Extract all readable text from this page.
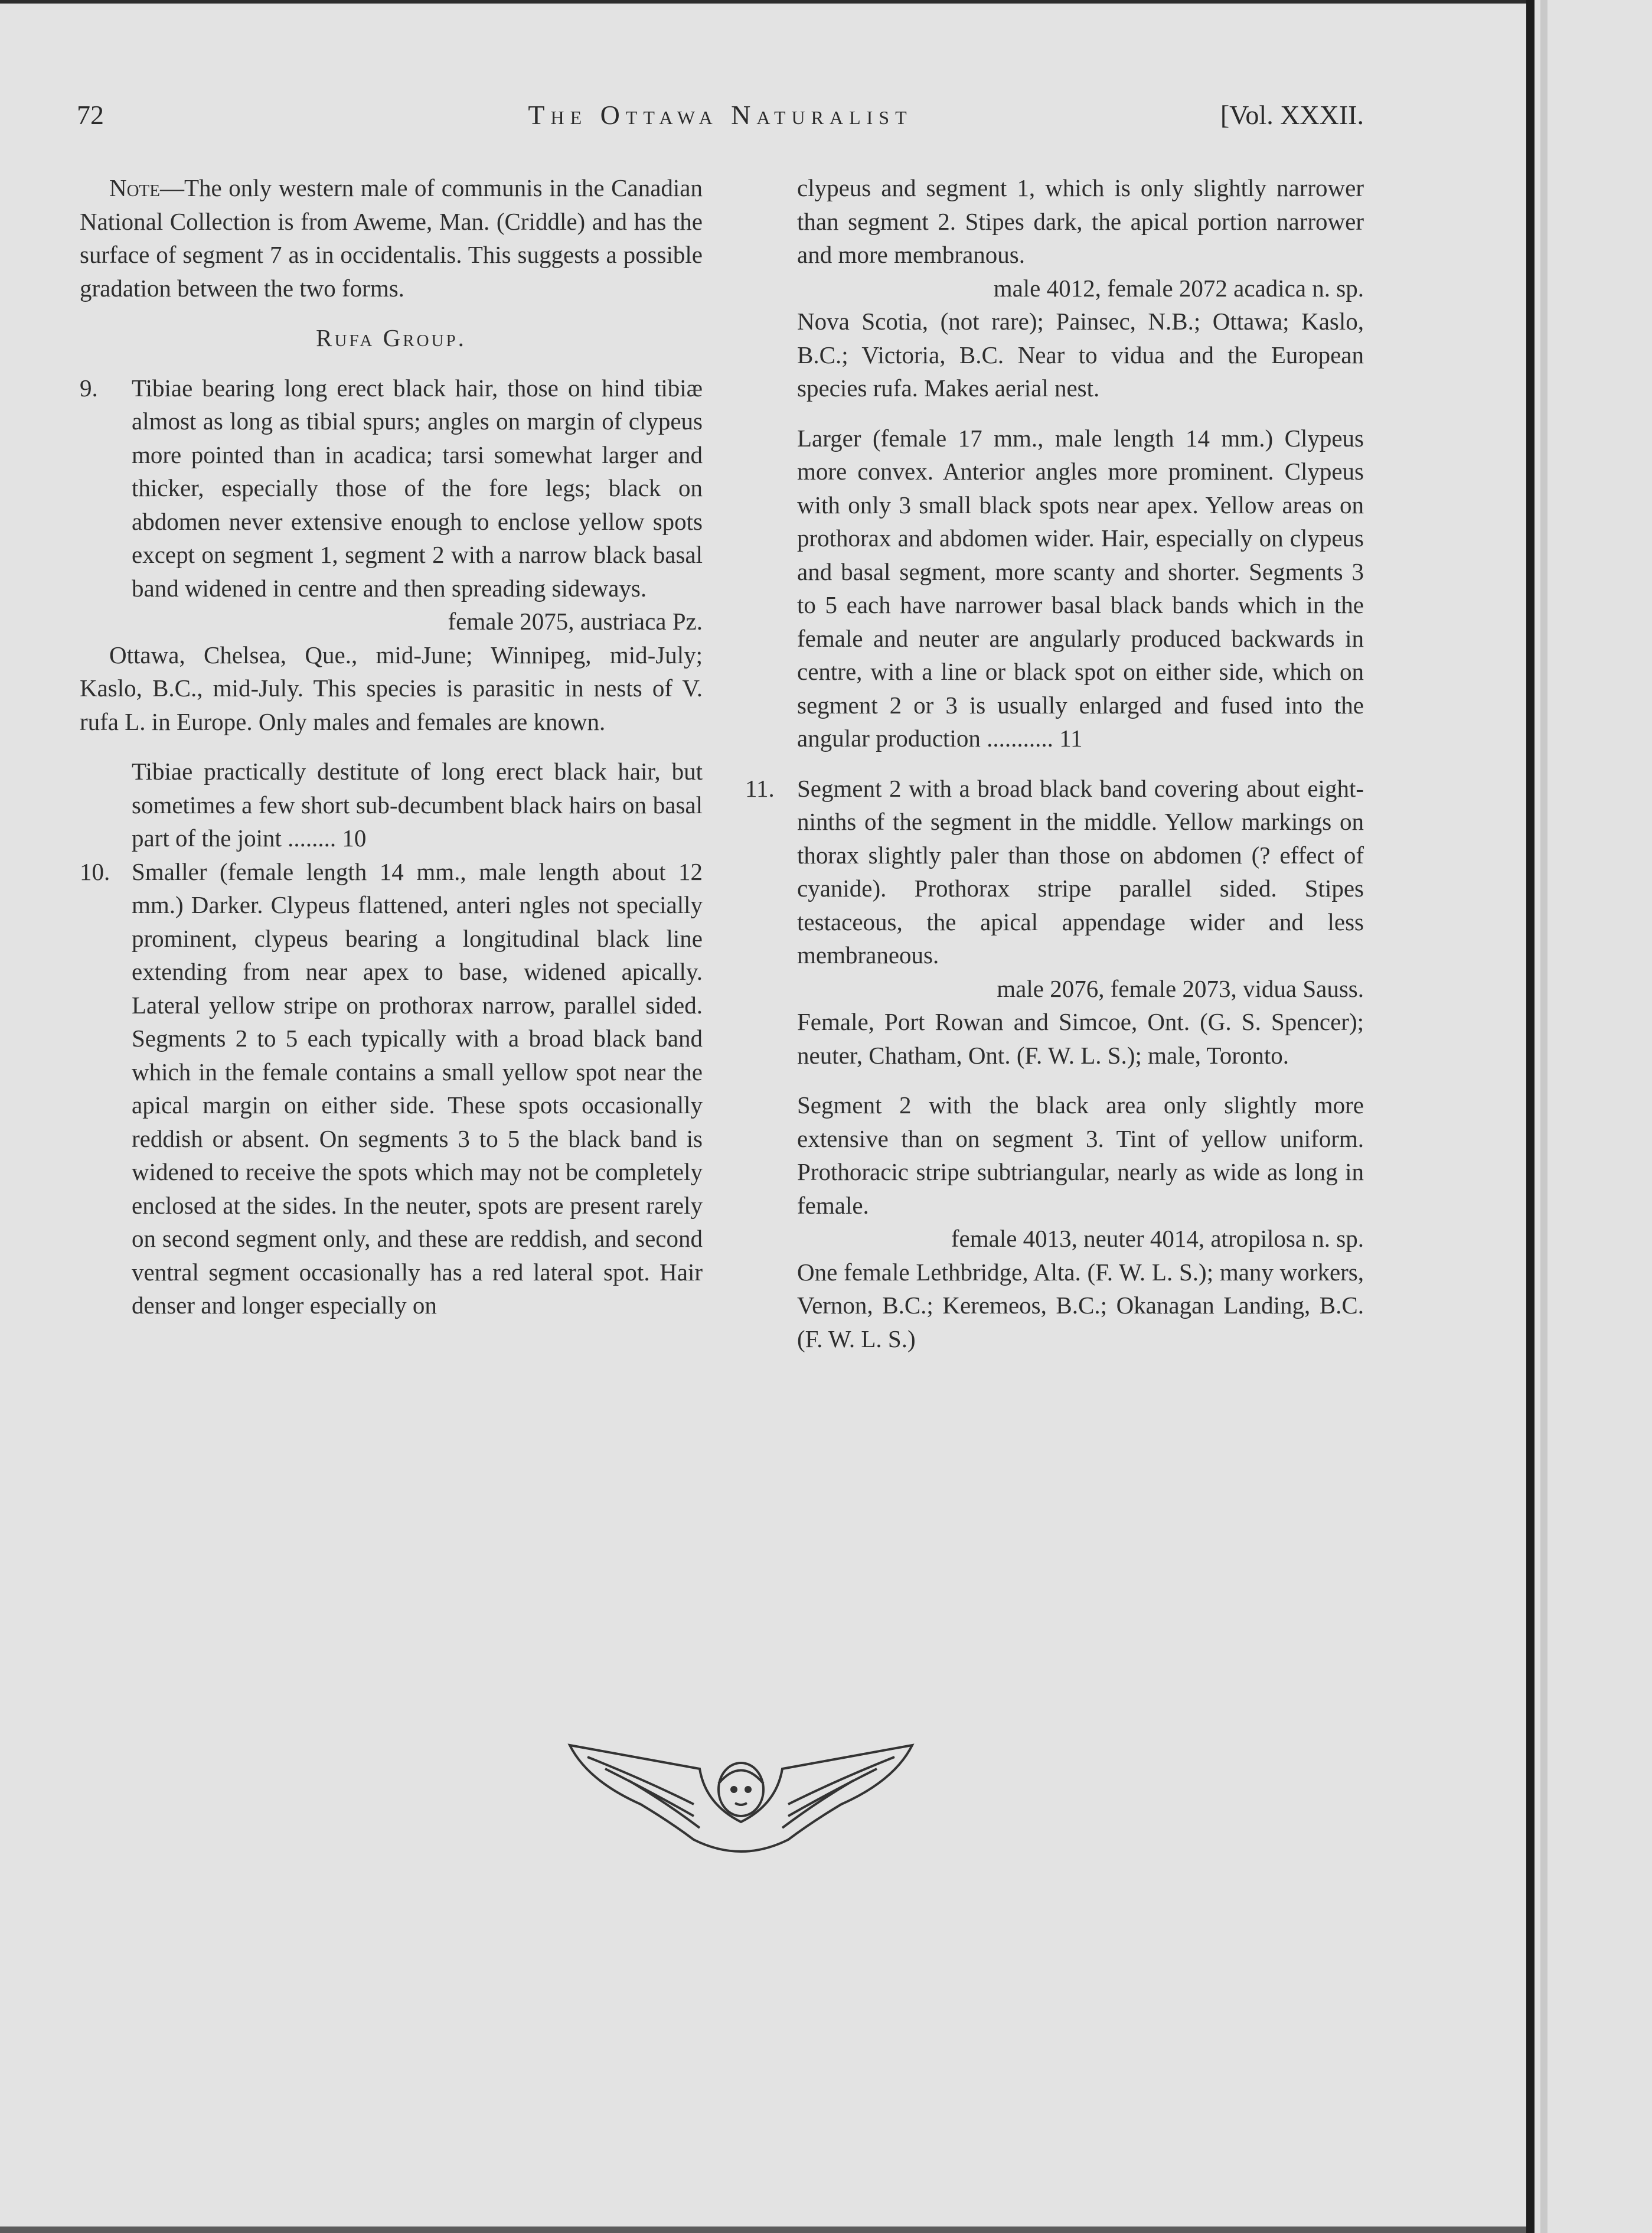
72	The Ottawa Naturalist	[Vol. XXXII.

Note—The only western male of communis in the Canadian National Collection is from Aweme, Man. (Criddle) and has the surface of segment 7 as in occidentalis. This suggests a possible gradation between the two forms.

Rufa Group.

9. Tibiae bearing long erect black hair, those on hind tibiæ almost as long as tibial spurs; angles on margin of clypeus more pointed than in acadica; tarsi somewhat larger and thicker, especially those of the fore legs; black on abdomen never extensive enough to enclose yellow spots except on segment 1, segment 2 with a narrow black basal band widened in centre and then spreading sideways.

female 2075, austriaca Pz.

Ottawa, Chelsea, Que., mid-June; Winnipeg, mid-July; Kaslo, B.C., mid-July. This species is parasitic in nests of V. rufa L. in Europe. Only males and females are known.

Tibiae practically destitute of long erect black hair, but sometimes a few short sub-decumbent black hairs on basal part of the joint ........ 10
10. Smaller (female length 14 mm., male length about 12 mm.) Darker. Clypeus flattened, anteri ngles not specially prominent, clypeus bearing a longitudinal black line extending from near apex to base, widened apically. Lateral yellow stripe on prothorax narrow, parallel sided. Segments 2 to 5 each typically with a broad black band which in the female contains a small yellow spot near the apical margin on either side. These spots occasionally reddish or absent. On segments 3 to 5 the black band is widened to receive the spots which may not be completely enclosed at the sides. In the neuter, spots are present rarely on second segment only, and these are reddish, and second ventral segment occasionally has a red lateral spot. Hair denser and longer especially on

clypeus and segment 1, which is only slightly narrower than segment 2. Stipes dark, the apical portion narrower and more membranous.

male 4012, female 2072 acadica n. sp.

Nova Scotia, (not rare); Painsec, N.B.; Ottawa; Kaslo, B.C.; Victoria, B.C. Near to vidua and the European species rufa. Makes aerial nest.

Larger (female 17 mm., male length 14 mm.) Clypeus more convex. Anterior angles more prominent. Clypeus with only 3 small black spots near apex. Yellow areas on prothorax and abdomen wider. Hair, especially on clypeus and basal segment, more scanty and shorter. Segments 3 to 5 each have narrower basal black bands which in the female and neuter are angularly produced backwards in centre, with a line or black spot on either side, which on segment 2 or 3 is usually enlarged and fused into the angular production ........... 11

11. Segment 2 with a broad black band covering about eight-ninths of the segment in the middle. Yellow markings on thorax slightly paler than those on abdomen (? effect of cyanide). Prothorax stripe parallel sided. Stipes testaceous, the apical appendage wider and less membraneous.

male 2076, female 2073, vidua Sauss.

Female, Port Rowan and Simcoe, Ont. (G. S. Spencer); neuter, Chatham, Ont. (F. W. L. S.); male, Toronto.

Segment 2 with the black area only slightly more extensive than on segment 3. Tint of yellow uniform. Prothoracic stripe subtriangular, nearly as wide as long in female.

female 4013, neuter 4014, atropilosa n. sp.

One female Lethbridge, Alta. (F. W. L. S.); many workers, Vernon, B.C.; Keremeos, B.C.; Okanagan Landing, B.C. (F. W. L. S.)
